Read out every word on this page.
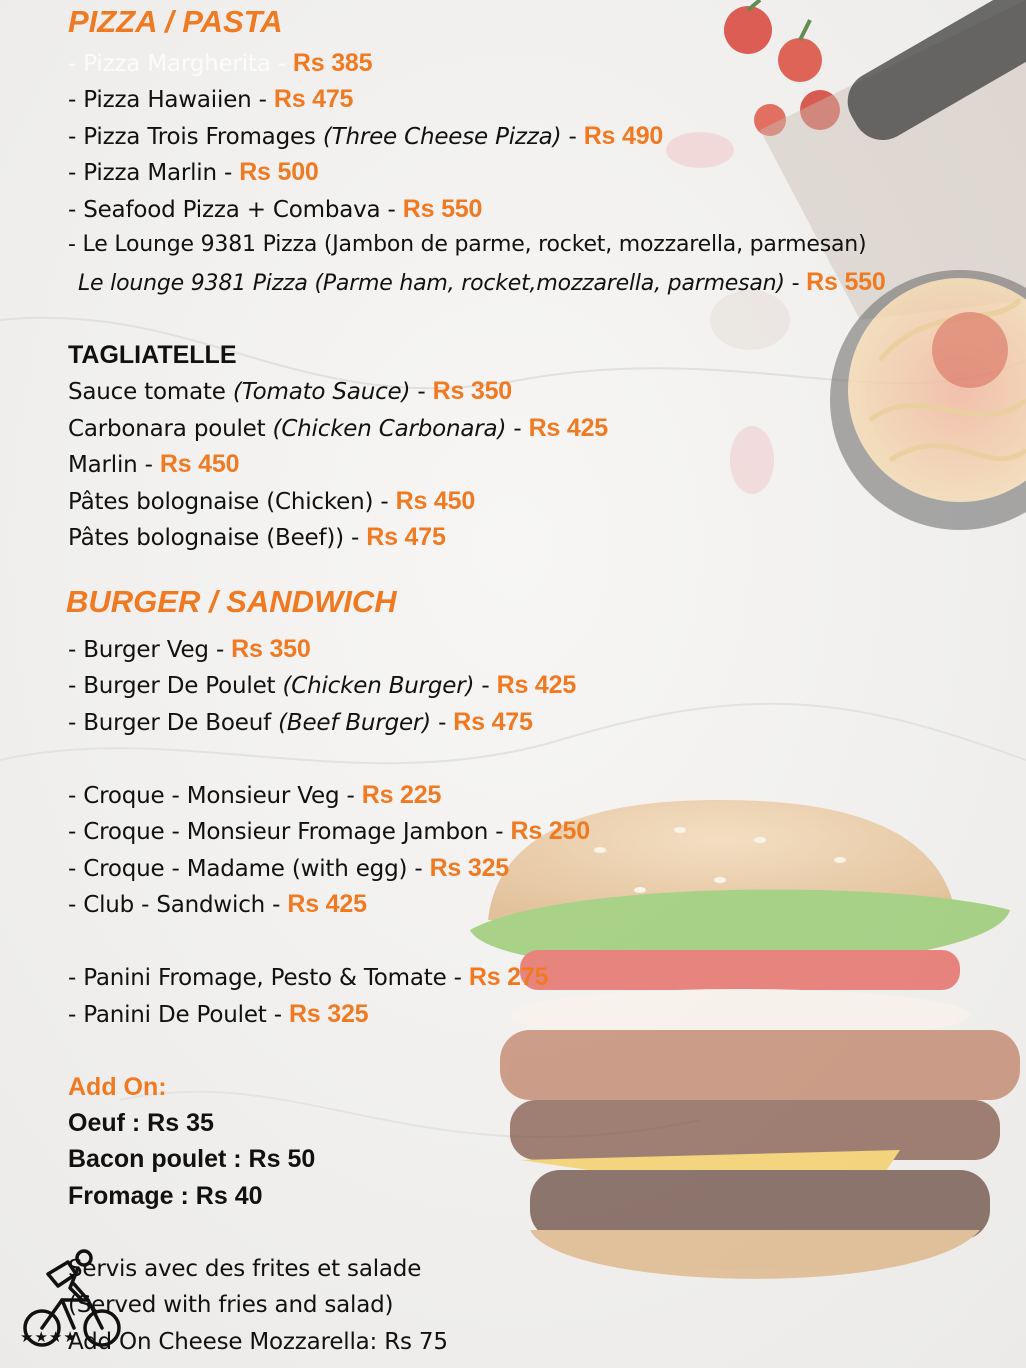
PIZZA / PASTA
- Pizza Margherita - Rs 385
- Pizza Hawaiien - Rs 475
- Pizza Trois Fromages (Three Cheese Pizza) - Rs 490
- Pizza Marlin - Rs 500
- Seafood Pizza + Combava - Rs 550
- Le Lounge 9381 Pizza (Jambon de parme, rocket, mozzarella, parmesan)
Le lounge 9381 Pizza (Parme ham, rocket,mozzarella, parmesan) - Rs 550
TAGLIATELLE
Sauce tomate (Tomato Sauce) - Rs 350
Carbonara poulet (Chicken Carbonara) - Rs 425
Marlin - Rs 450
Pâtes bolognaise (Chicken) - Rs 450
Pâtes bolognaise (Beef)) - Rs 475
BURGER / SANDWICH
- Burger Veg - Rs 350
- Burger De Poulet (Chicken Burger) - Rs 425
- Burger De Boeuf (Beef Burger) - Rs 475
- Croque - Monsieur Veg - Rs 225
- Croque - Monsieur Fromage Jambon - Rs 250
- Croque - Madame (with egg) - Rs 325
- Club - Sandwich - Rs 425
- Panini Fromage, Pesto & Tomate - Rs 275
- Panini De Poulet - Rs 325
Add On:
Oeuf : Rs 35
Bacon poulet : Rs 50
Fromage : Rs 40
Servis avec des frites et salade
(Served with fries and salad)
Add On Cheese Mozzarella: Rs 75
★★★★
